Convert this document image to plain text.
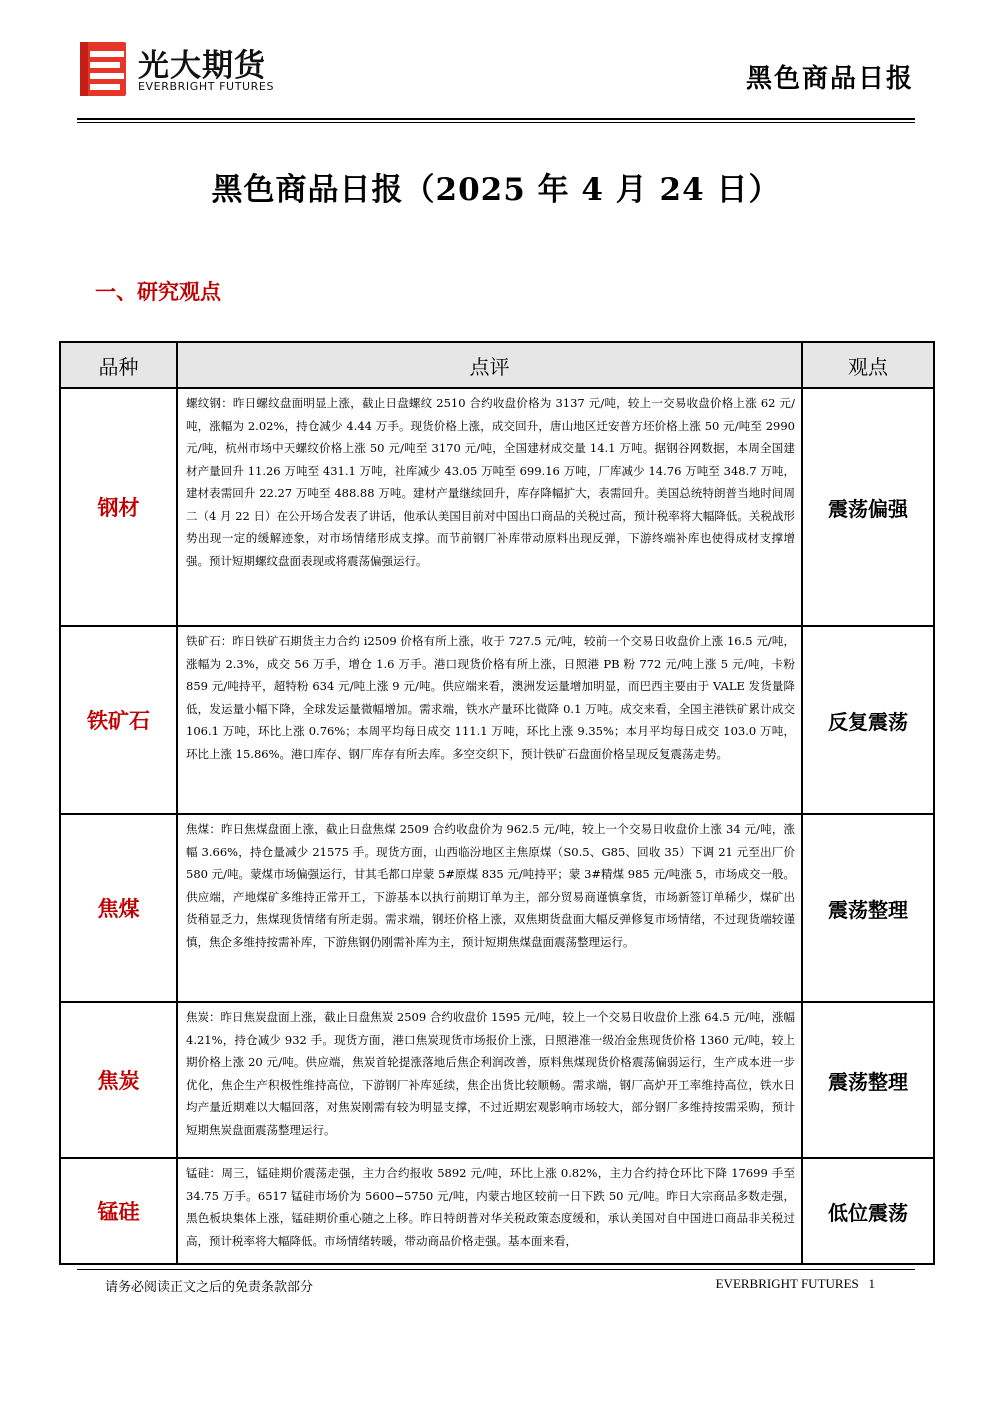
光大期货
EVERBRIGHT FUTURES	黑色商品日报
黑色商品日报（2025 年 4 月 24 日）
一、研究观点
品种	点评	观点
钢材	螺纹钢：昨日螺纹盘面明显上涨，截止日盘螺纹 2510 合约收盘价格为 3137 元/吨，较上一交易收盘价格上涨 62 元/吨，涨幅为 2.02%，持仓减少 4.44 万手。现货价格上涨，成交回升，唐山地区迁安普方坯价格上涨 50 元/吨至 2990 元/吨，杭州市场中天螺纹价格上涨 50 元/吨至 3170 元/吨，全国建材成交量 14.1 万吨。据钢谷网数据，本周全国建材产量回升 11.26 万吨至 431.1 万吨，社库减少 43.05 万吨至 699.16 万吨，厂库减少 14.76 万吨至 348.7 万吨，建材表需回升 22.27 万吨至 488.88 万吨。建材产量继续回升，库存降幅扩大，表需回升。美国总统特朗普当地时间周二（4 月 22 日）在公开场合发表了讲话，他承认美国目前对中国出口商品的关税过高，预计税率将大幅降低。关税战形势出现一定的缓解迹象，对市场情绪形成支撑。而节前钢厂补库带动原料出现反弹，下游终端补库也使得成材支撑增强。预计短期螺纹盘面表现或将震荡偏强运行。	震荡偏强
铁矿石	铁矿石：昨日铁矿石期货主力合约 i2509 价格有所上涨，收于 727.5 元/吨，较前一个交易日收盘价上涨 16.5 元/吨，涨幅为 2.3%，成交 56 万手，增仓 1.6 万手。港口现货价格有所上涨，日照港 PB 粉 772 元/吨上涨 5 元/吨，卡粉 859 元/吨持平，超特粉 634 元/吨上涨 9 元/吨。供应端来看，澳洲发运量增加明显，而巴西主要由于 VALE 发货量降低，发运量小幅下降，全球发运量微幅增加。需求端，铁水产量环比微降 0.1 万吨。成交来看，全国主港铁矿累计成交 106.1 万吨，环比上涨 0.76%；本周平均每日成交 111.1 万吨，环比上涨 9.35%；本月平均每日成交 103.0 万吨，环比上涨 15.86%。港口库存、钢厂库存有所去库。多空交织下，预计铁矿石盘面价格呈现反复震荡走势。	反复震荡
焦煤	焦煤：昨日焦煤盘面上涨，截止日盘焦煤 2509 合约收盘价为 962.5 元/吨，较上一个交易日收盘价上涨 34 元/吨，涨幅 3.66%，持仓量减少 21575 手。现货方面，山西临汾地区主焦原煤（S0.5、G85、回收 35）下调 21 元至出厂价 580 元/吨。蒙煤市场偏强运行，甘其毛都口岸蒙 5#原煤 835 元/吨持平；蒙 3#精煤 985 元/吨涨 5，市场成交一般。供应端，产地煤矿多维持正常开工，下游基本以执行前期订单为主，部分贸易商谨慎拿货，市场新签订单稀少，煤矿出货稍显乏力，焦煤现货情绪有所走弱。需求端，钢坯价格上涨，双焦期货盘面大幅反弹修复市场情绪，不过现货端较谨慎，焦企多维持按需补库，下游焦钢仍刚需补库为主，预计短期焦煤盘面震荡整理运行。	震荡整理
焦炭	焦炭：昨日焦炭盘面上涨，截止日盘焦炭 2509 合约收盘价 1595 元/吨，较上一个交易日收盘价上涨 64.5 元/吨，涨幅 4.21%，持仓减少 932 手。现货方面，港口焦炭现货市场报价上涨，日照港准一级冶金焦现货价格 1360 元/吨，较上期价格上涨 20 元/吨。供应端，焦炭首轮提涨落地后焦企利润改善，原料焦煤现货价格震荡偏弱运行，生产成本进一步优化，焦企生产积极性维持高位，下游钢厂补库延续，焦企出货比较顺畅。需求端，钢厂高炉开工率维持高位，铁水日均产量近期难以大幅回落，对焦炭刚需有较为明显支撑，不过近期宏观影响市场较大，部分钢厂多维持按需采购，预计短期焦炭盘面震荡整理运行。	震荡整理
锰硅	锰硅：周三，锰硅期价震荡走强，主力合约报收 5892 元/吨，环比上涨 0.82%，主力合约持仓环比下降 17699 手至 34.75 万手。6517 锰硅市场价为 5600−5750 元/吨，内蒙古地区较前一日下跌 50 元/吨。昨日大宗商品多数走强，黑色板块集体上涨，锰硅期价重心随之上移。昨日特朗普对华关税政策态度缓和，承认美国对自中国进口商品非关税过高，预计税率将大幅降低。市场情绪转暖，带动商品价格走强。基本面来看，	低位震荡
请务必阅读正文之后的免责条款部分	EVERBRIGHT FUTURES 1
